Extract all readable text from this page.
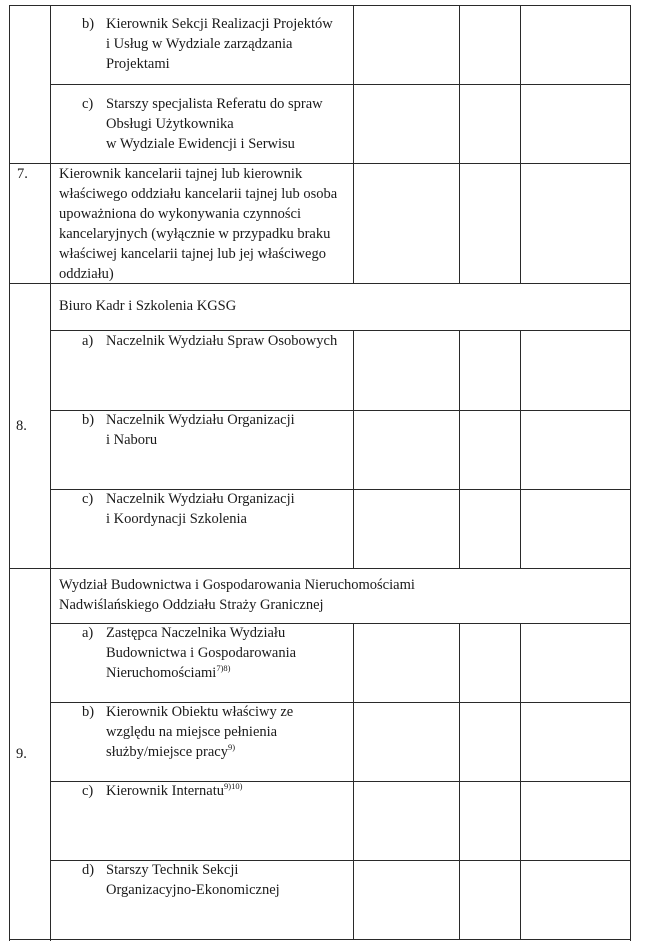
b) Kierownik Sekcji Realizacji Projektów
i Usług w Wydziale zarządzania
Projektami
c) Starszy specjalista Referatu do spraw
Obsługi Użytkownika
w Wydziale Ewidencji i Serwisu
7. Kierownik kancelarii tajnej lub kierownik
właściwego oddziału kancelarii tajnej lub osoba
upoważniona do wykonywania czynności
kancelaryjnych (wyłącznie w przypadku braku
właściwej kancelarii tajnej lub jej właściwego
oddziału)
8.
Biuro Kadr i Szkolenia KGSG
a) Naczelnik Wydziału Spraw Osobowych
b) Naczelnik Wydziału Organizacji
i Naboru
c) Naczelnik Wydziału Organizacji
i Koordynacji Szkolenia
9.
Wydział Budownictwa i Gospodarowania Nieruchomościami
Nadwiślańskiego Oddziału Straży Granicznej
a) Zastępca Naczelnika Wydziału
Budownictwa i Gospodarowania
Nieruchomościami$^{7)8)}$
b) Kierownik Obiektu właściwy ze
względu na miejsce pełnienia
służby/miejsce pracy$^{9)}$
c) Kierownik Internatu$^{9)10)}$
d) Starszy Technik Sekcji
Organizacyjno-Ekonomicznej
